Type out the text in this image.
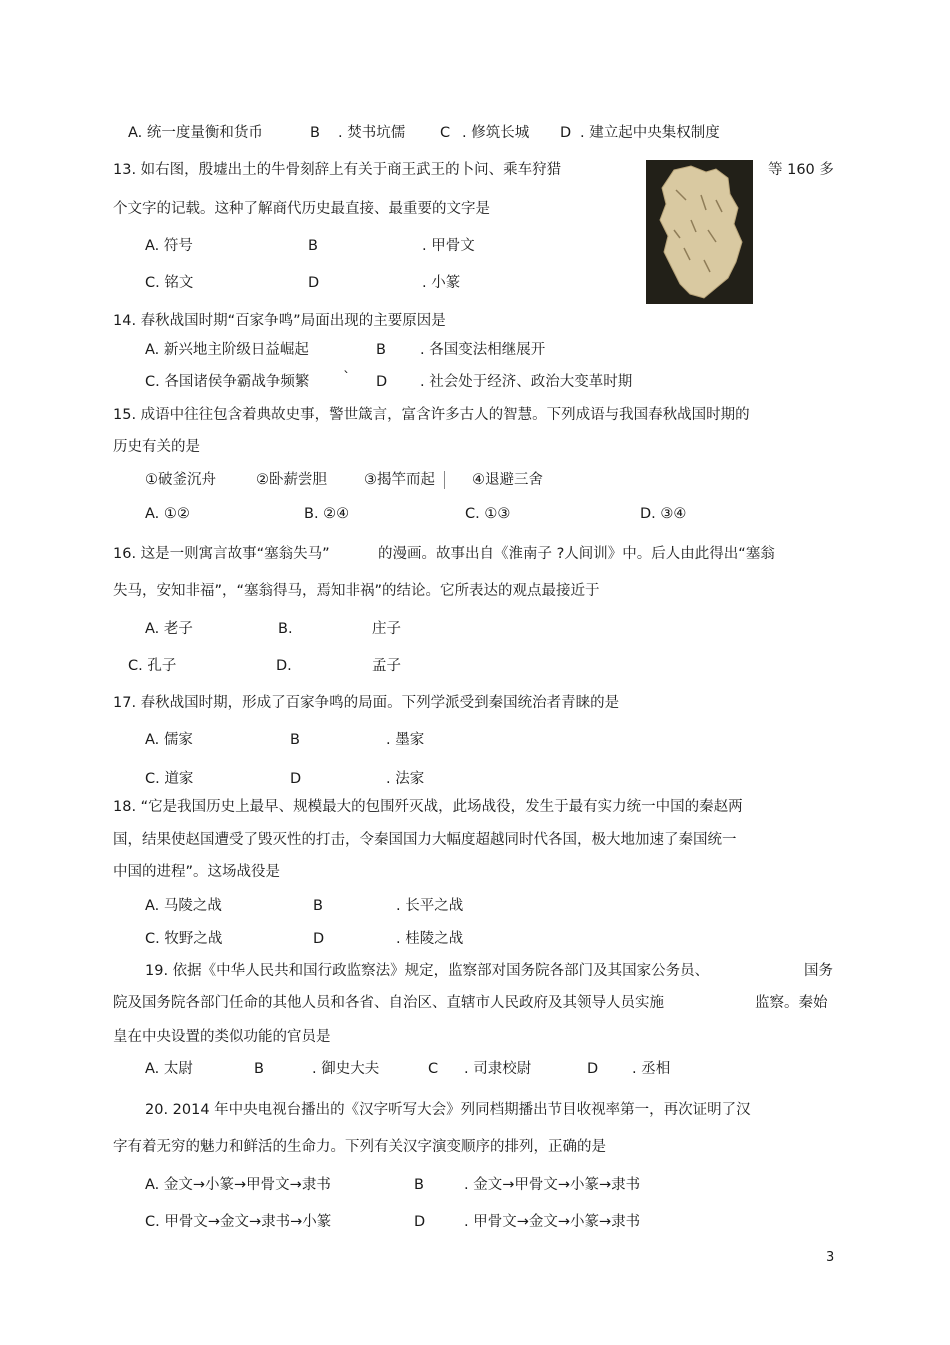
A. 统一度量衡和货币	B . 焚书坑儒 C . 修筑长城 D . 建立起中央集权制度
13. 如右图，殷墟出土的牛骨刻辞上有关于商王武王的卜问、乘车狩猎	等 160 多
个文字的记载。这种了解商代历史最直接、最重要的文字是
A. 符号	B	. 甲骨文
C. 铭文	D	. 小篆
14. 春秋战国时期“百家争鸣”局面出现的主要原因是
A. 新兴地主阶级日益崛起	B . 各国变法相继展开
C. 各国诸侯争霸战争频繁 ` D . 社会处于经济、政治大变革时期
15. 成语中往往包含着典故史事，警世箴言，富含许多古人的智慧。下列成语与我国春秋战国时期的
历史有关的是
①破釜沉舟	②卧薪尝胆	③揭竿而起	④退避三舍
A. ①②	B. ②④	C. ①③	D. ③④
16. 这是一则寓言故事“塞翁失马”	的漫画。故事出自《淮南子 ?人间训》中。后人由此得出“塞翁
失马，安知非福”，“塞翁得马，焉知非祸”的结论。它所表达的观点最接近于
A. 老子	B.	庄子
C. 孔子	D.	孟子
17. 春秋战国时期，形成了百家争鸣的局面。下列学派受到秦国统治者青睐的是
A. 儒家	B	. 墨家
C. 道家	D	. 法家
18. “它是我国历史上最早、规模最大的包围歼灭战，此场战役，发生于最有实力统一中国的秦赵两
国，结果使赵国遭受了毁灭性的打击，令秦国国力大幅度超越同时代各国，极大地加速了秦国统一
中国的进程”。这场战役是
A. 马陵之战	B	. 长平之战
C. 牧野之战	D	. 桂陵之战
19. 依据《中华人民共和国行政监察法》规定，监察部对国务院各部门及其国家公务员、	国务
院及国务院各部门任命的其他人员和各省、自治区、直辖市人民政府及其领导人员实施	监察。秦始
皇在中央设置的类似功能的官员是
A. 太尉	B	. 御史大夫	C . 司隶校尉	D . 丞相
20. 2014 年中央电视台播出的《汉字听写大会》列同档期播出节目收视率第一，再次证明了汉
字有着无穷的魅力和鲜活的生命力。下列有关汉字演变顺序的排列，正确的是
A. 金文→小篆→甲骨文→隶书	B	. 金文→甲骨文→小篆→隶书
C. 甲骨文→金文→隶书→小篆	D	. 甲骨文→金文→小篆→隶书
3
